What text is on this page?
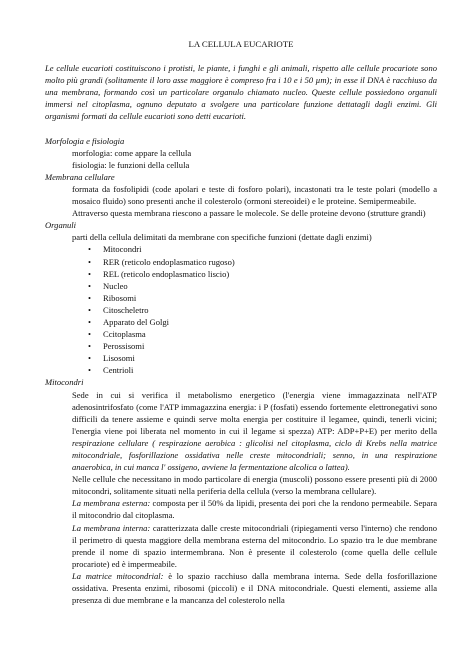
LA CELLULA EUCARIOTE

Le cellule eucarioti costituiscono i protisti, le piante, i funghi e gli animali, rispetto alle cellule procariote sono molto più grandi (solitamente il loro asse maggiore è compreso fra i 10 e i 50 µm); in esse il DNA è racchiuso da una membrana, formando così un particolare organulo chiamato nucleo. Queste cellule possiedono organuli immersi nel citoplasma, ognuno deputato a svolgere una particolare funzione dettatagli dagli enzimi. Gli organismi formati da cellule eucarioti sono detti eucarioti.

Morfologia e fisiologia

morfologia: come appare la cellula

fisiologia: le funzioni della cellula

Membrana cellulare

formata da fosfolipidi (code apolari e teste di fosforo polari), incastonati tra le teste polari (modello a mosaico fluido) sono presenti anche il colesterolo (ormoni stereoidei) e le proteine. Semipermeabile.

Attraverso questa membrana riescono a passare le molecole. Se delle proteine devono (strutture grandi)

Organuli

parti della cellula delimitati da membrane con specifiche funzioni (dettate dagli enzimi)

• Mitocondri
• RER (reticolo endoplasmatico rugoso)
• REL (reticolo endoplasmatico liscio)
• Nucleo
• Ribosomi
• Citoscheletro
• Apparato del Golgi
• Ccitoplasma
• Perossisomi
• Lisosomi
• Centrioli

Mitocondri

Sede in cui si verifica il metabolismo energetico (l'energia viene immagazzinata nell'ATP adenosintrifosfato (come l'ATP immagazzina energia: i P (fosfati) essendo fortemente elettronegativi sono difficili da tenere assieme e quindi serve molta energia per costituire il legamee, quindi, tenerli vicini; l'energia viene poi liberata nel momento in cui il legame si spezza) ATP: ADP+P+E) per merito della respirazione cellulare ( respirazione aerobica : glicolisi nel citoplasma, ciclo di Krebs nella matrice mitocondriale, fosforillazione ossidativa nelle creste mitocondriali; senno, in una respirazione anaerobica, in cui manca l' ossigeno, avviene la fermentazione alcolica o lattea).

Nelle cellule che necessitano in modo particolare di energia (muscoli) possono essere presenti più di 2000 mitocondri, solitamente situati nella periferia della cellula (verso la membrana cellulare).

La membrana esterna: composta per il 50% da lipidi, presenta dei pori che la rendono permeabile. Separa il mitocondrio dal citoplasma.

La membrana interna: caratterizzata dalle creste mitocondriali (ripiegamenti verso l'interno) che rendono il perimetro di questa maggiore della membrana esterna del mitocondrio. Lo spazio tra le due membrane prende il nome di spazio intermembrana. Non è presente il colesterolo (come quella delle cellule procariote) ed è impermeabile.

La matrice mitocondrial: è lo spazio racchiuso dalla membrana interna. Sede della fosforillazione ossidativa. Presenta enzimi, ribosomi (piccoli) e il DNA mitocondriale. Questi elementi, assieme alla presenza di due membrane e la mancanza del colesterolo nella
